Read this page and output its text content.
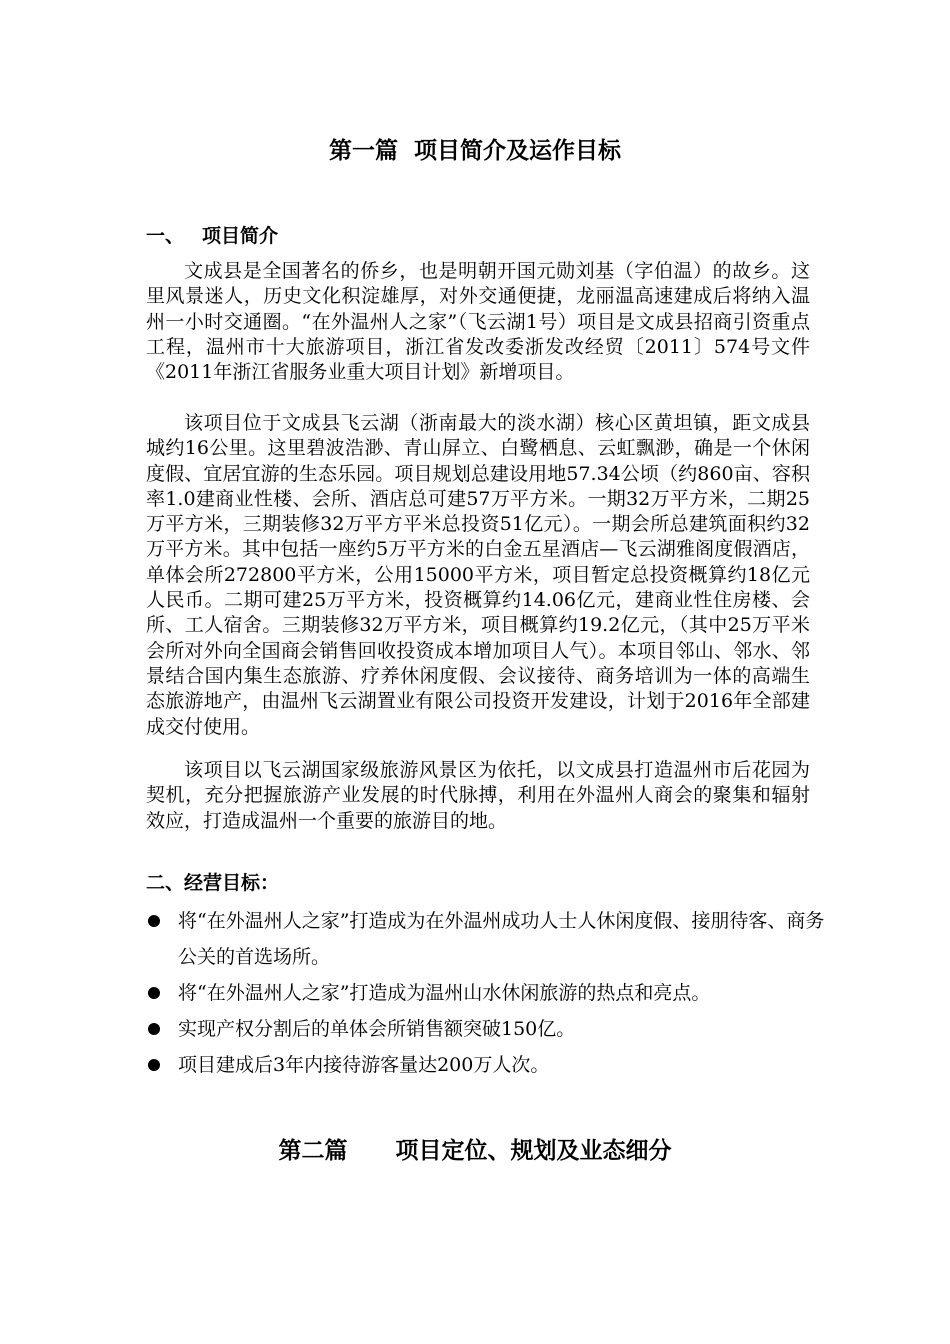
第一篇  项目简介及运作目标
一、 项目简介

文成县是全国著名的侨乡，也是明朝开国元勋刘基（字伯温）的故乡。这里风景迷人，历史文化积淀雄厚，对外交通便捷，龙丽温高速建成后将纳入温州一小时交通圈。“在外温州人之家”（飞云湖1号）项目是文成县招商引资重点工程，温州市十大旅游项目，浙江省发改委浙发改经贸〔2011〕574号文件《2011年浙江省服务业重大项目计划》新增项目。

该项目位于文成县飞云湖（浙南最大的淡水湖）核心区黄坦镇，距文成县城约16公里。这里碧波浩渺、青山屏立、白鹭栖息、云虹飘渺，确是一个休闲度假、宜居宜游的生态乐园。项目规划总建设用地57.34公顷（约860亩、容积率1.0建商业性楼、会所、酒店总可建57万平方米。一期32万平方米，二期25万平方米，三期装修32万平方平米总投资51亿元）。一期会所总建筑面积约32万平方米。其中包括一座约5万平方米的白金五星酒店—飞云湖雅阁度假酒店，单体会所272800平方米，公用15000平方米，项目暂定总投资概算约18亿元人民币。二期可建25万平方米，投资概算约14.06亿元，建商业性住房楼、会所、工人宿舍。三期装修32万平方米，项目概算约19.2亿元，（其中25万平米会所对外向全国商会销售回收投资成本增加项目人气）。本项目邻山、邻水、邻景结合国内集生态旅游、疗养休闲度假、会议接待、商务培训为一体的高端生态旅游地产，由温州飞云湖置业有限公司投资开发建设，计划于2016年全部建成交付使用。

该项目以飞云湖国家级旅游风景区为依托，以文成县打造温州市后花园为契机，充分把握旅游产业发展的时代脉搏，利用在外温州人商会的聚集和辐射效应，打造成温州一个重要的旅游目的地。

二、经营目标：
将“在外温州人之家”打造成为在外温州成功人士人休闲度假、接朋待客、商务公关的首选场所。
将“在外温州人之家”打造成为温州山水休闲旅游的热点和亮点。
实现产权分割后的单体会所销售额突破150亿。
项目建成后3年内接待游客量达200万人次。
第二篇      项目定位、规划及业态细分
